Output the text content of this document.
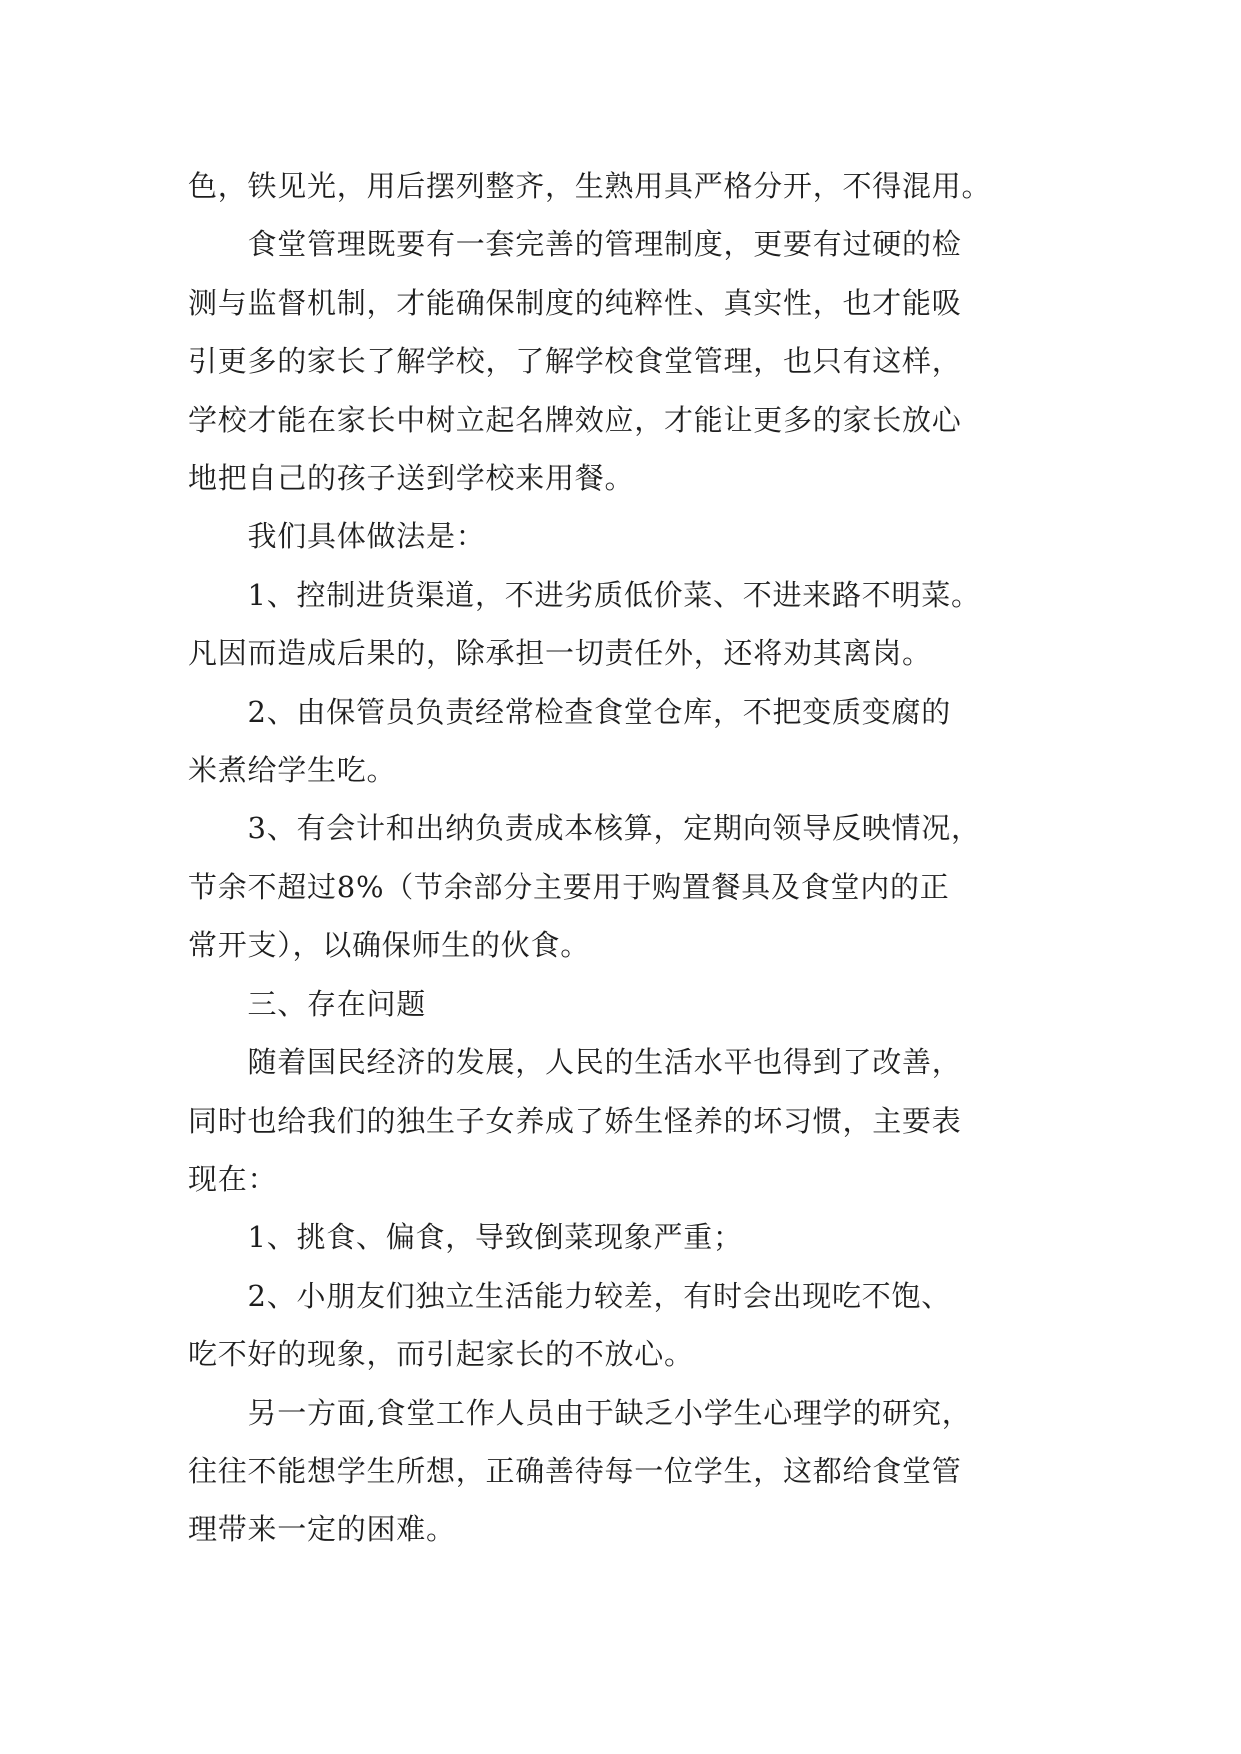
色，铁见光，用后摆列整齐，生熟用具严格分开，不得混用。

　　食堂管理既要有一套完善的管理制度，更要有过硬的检

测与监督机制，才能确保制度的纯粹性、真实性，也才能吸

引更多的家长了解学校，了解学校食堂管理，也只有这样，

学校才能在家长中树立起名牌效应，才能让更多的家长放心

地把自己的孩子送到学校来用餐。

　　我们具体做法是：

　　1、控制进货渠道，不进劣质低价菜、不进来路不明菜。

凡因而造成后果的，除承担一切责任外，还将劝其离岗。

　　2、由保管员负责经常检查食堂仓库，不把变质变腐的

米煮给学生吃。

　　3、有会计和出纳负责成本核算，定期向领导反映情况，

节余不超过8%（节余部分主要用于购置餐具及食堂内的正

常开支），以确保师生的伙食。

　　三、存在问题

　　随着国民经济的发展，人民的生活水平也得到了改善，

同时也给我们的独生子女养成了娇生怪养的坏习惯，主要表

现在：

　　1、挑食、偏食，导致倒菜现象严重；

　　2、小朋友们独立生活能力较差，有时会出现吃不饱、

吃不好的现象，而引起家长的不放心。

　　另一方面,食堂工作人员由于缺乏小学生心理学的研究，

往往不能想学生所想，正确善待每一位学生，这都给食堂管

理带来一定的困难。
